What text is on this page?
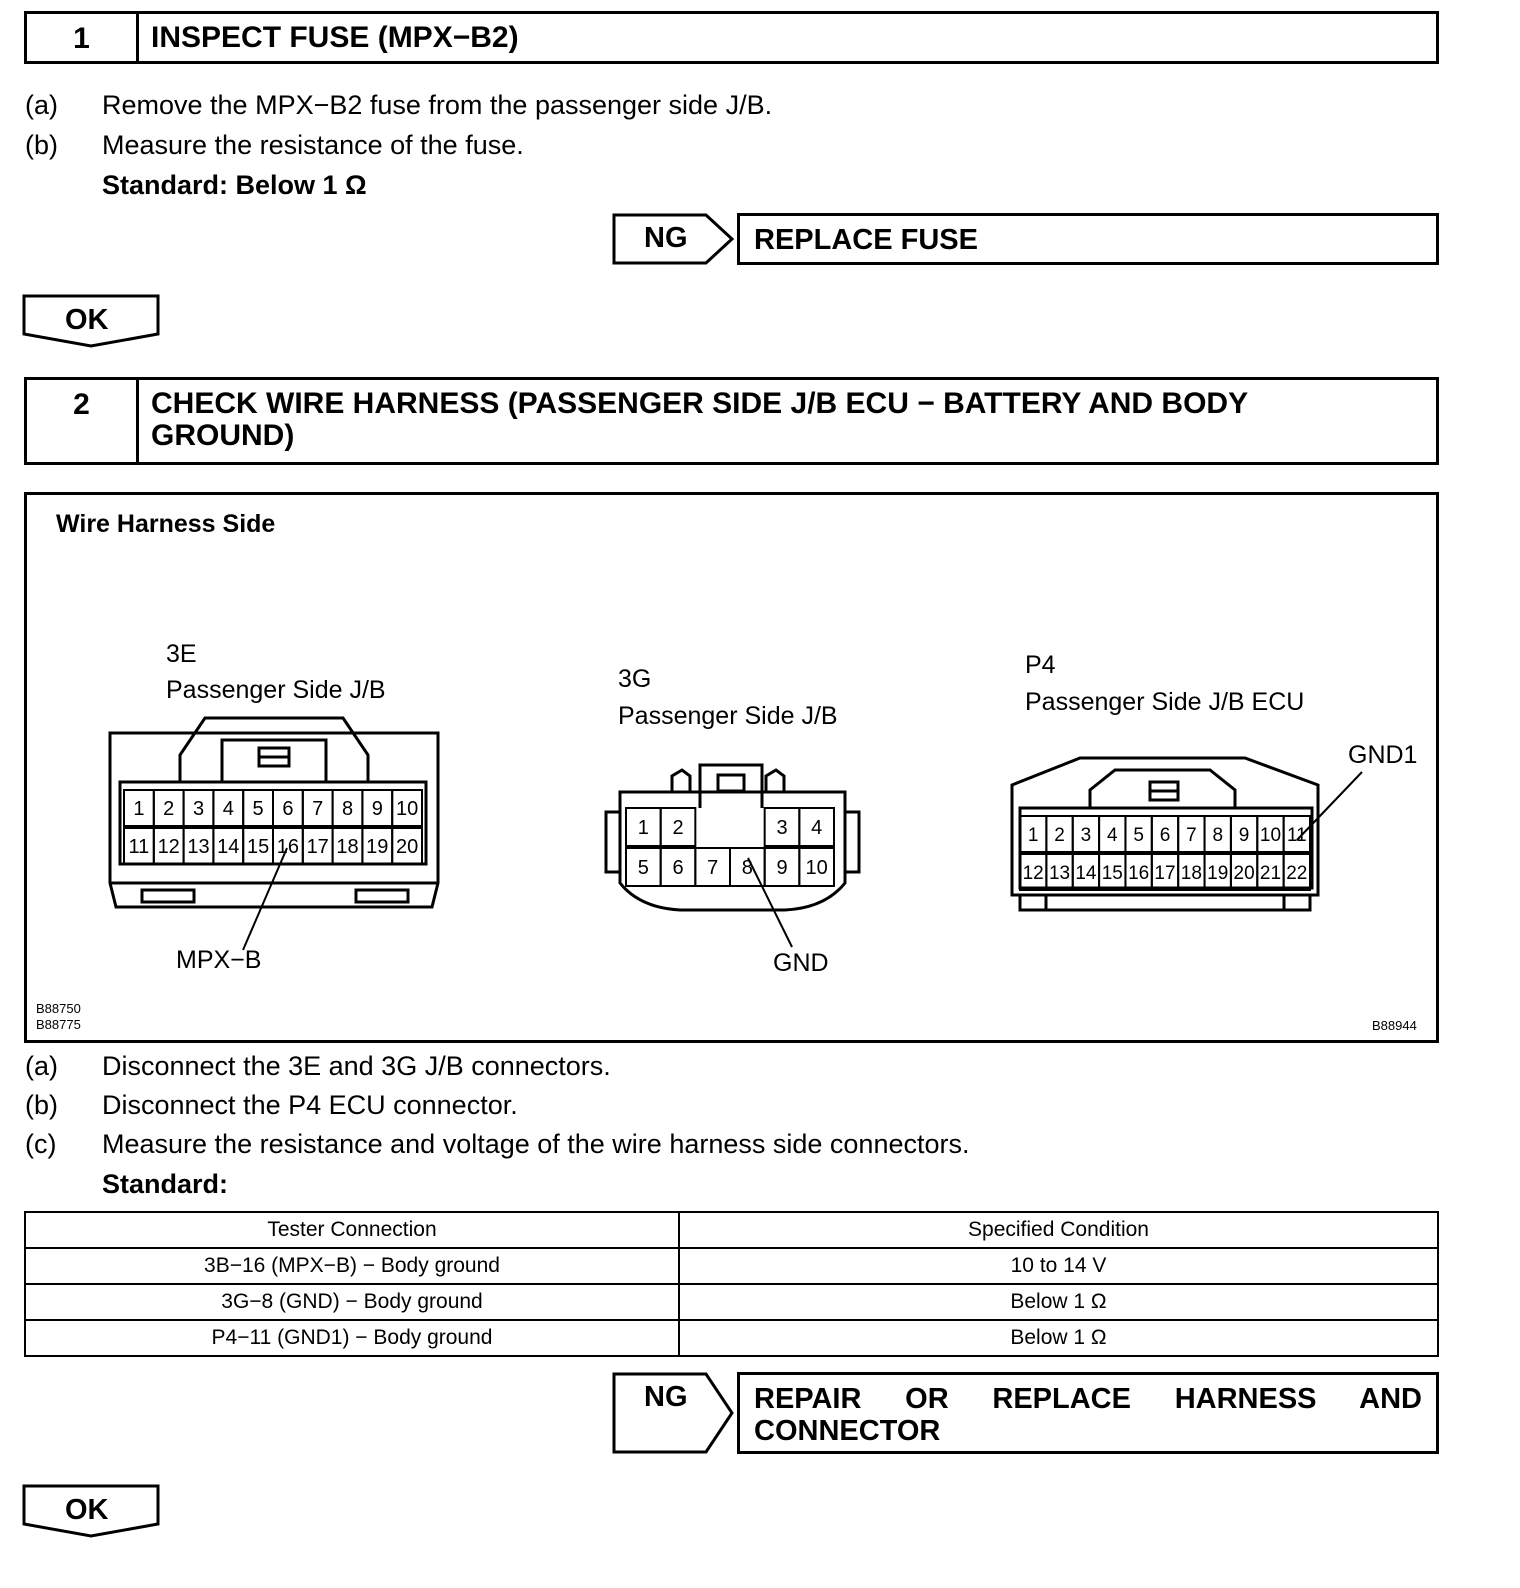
1	INSPECT FUSE (MPX−B2)
(a) Remove the MPX−B2 fuse from the passenger side J/B.
(b) Measure the resistance of the fuse.
Standard: Below 1 Ω
NG	REPLACE FUSE
OK
2	CHECK WIRE HARNESS (PASSENGER SIDE J/B ECU − BATTERY AND BODY GROUND)
Wire Harness Side
3E
Passenger Side J/B	3G
Passenger Side J/B
P4
Passenger Side J/B ECU
1 2 3 4 5 6 7 8 9 10
11 12 13 14 15 16 17 18 19 20
1 2	3 4
5 6 7 8 9 10
1 2 3 4 5 6 7 8 9 10 11
12 13 14 15 16 17 18 19 20 21 22
MPX−B	GND
GND1
B88750
B88775	B88944
(a) Disconnect the 3E and 3G J/B connectors.
(b) Disconnect the P4 ECU connector.
(c) Measure the resistance and voltage of the wire harness side connectors.
Standard:
Tester Connection	Specified Condition
3B−16 (MPX−B) − Body ground	10 to 14 V
3G−8 (GND) − Body ground	Below 1 Ω
P4−11 (GND1) − Body ground	Below 1 Ω
NG REPAIR OR REPLACE HARNESS AND
CONNECTOR
OK
